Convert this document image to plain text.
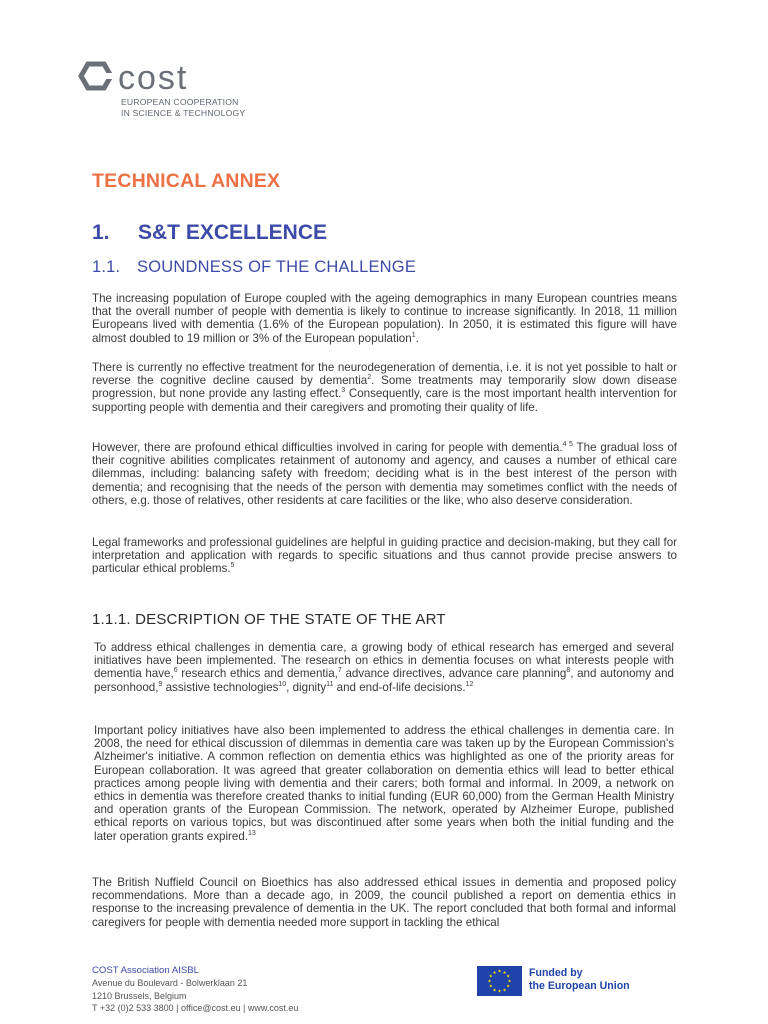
cost
EUROPEAN COOPERATION
IN SCIENCE & TECHNOLOGY
TECHNICAL ANNEX
1. S&T EXCELLENCE
1.1. SOUNDNESS OF THE CHALLENGE

The increasing population of Europe coupled with the ageing demographics in many European countries means that the overall number of people with dementia is likely to continue to increase significantly. In 2018, 11 million Europeans lived with dementia (1.6% of the European population). In 2050, it is estimated this figure will have almost doubled to 19 million or 3% of the European population$^1$.

There is currently no effective treatment for the neurodegeneration of dementia, i.e. it is not yet possible to halt or reverse the cognitive decline caused by dementia$^2$. Some treatments may temporarily slow down disease progression, but none provide any lasting effect.$^3$ Consequently, care is the most important health intervention for supporting people with dementia and their caregivers and promoting their quality of life.

However, there are profound ethical difficulties involved in caring for people with dementia.$^{4 5}$ The gradual loss of their cognitive abilities complicates retainment of autonomy and agency, and causes a number of ethical care dilemmas, including: balancing safety with freedom; deciding what is in the best interest of the person with dementia; and recognising that the needs of the person with dementia may sometimes conflict with the needs of others, e.g. those of relatives, other residents at care facilities or the like, who also deserve consideration.

Legal frameworks and professional guidelines are helpful in guiding practice and decision-making, but they call for interpretation and application with regards to specific situations and thus cannot provide precise answers to particular ethical problems.$^5$

1.1.1. DESCRIPTION OF THE STATE OF THE ART

To address ethical challenges in dementia care, a growing body of ethical research has emerged and several initiatives have been implemented. The research on ethics in dementia focuses on what interests people with dementia have,$^6$ research ethics and dementia,$^7$ advance directives, advance care planning$^8$, and autonomy and personhood,$^9$ assistive technologies$^{10}$, dignity$^{11}$ and end-of-life decisions.$^{12}$

Important policy initiatives have also been implemented to address the ethical challenges in dementia care. In 2008, the need for ethical discussion of dilemmas in dementia care was taken up by the European Commission's Alzheimer's initiative. A common reflection on dementia ethics was highlighted as one of the priority areas for European collaboration. It was agreed that greater collaboration on dementia ethics will lead to better ethical practices among people living with dementia and their carers; both formal and informal. In 2009, a network on ethics in dementia was therefore created thanks to initial funding (EUR 60,000) from the German Health Ministry and operation grants of the European Commission. The network, operated by Alzheimer Europe, published ethical reports on various topics, but was discontinued after some years when both the initial funding and the later operation grants expired.$^{13}$

The British Nuffield Council on Bioethics has also addressed ethical issues in dementia and proposed policy recommendations. More than a decade ago, in 2009, the council published a report on dementia ethics in response to the increasing prevalence of dementia in the UK. The report concluded that both formal and informal caregivers for people with dementia needed more support in tackling the ethical

COST Association AISBL
Avenue du Boulevard - Bolwerklaan 21
1210 Brussels, Belgium
T +32 (0)2 533 3800 | office@cost.eu | www.cost.eu
★ ★
★
★
★
★
★
★
★
★
★
★	Funded by
the European Union
